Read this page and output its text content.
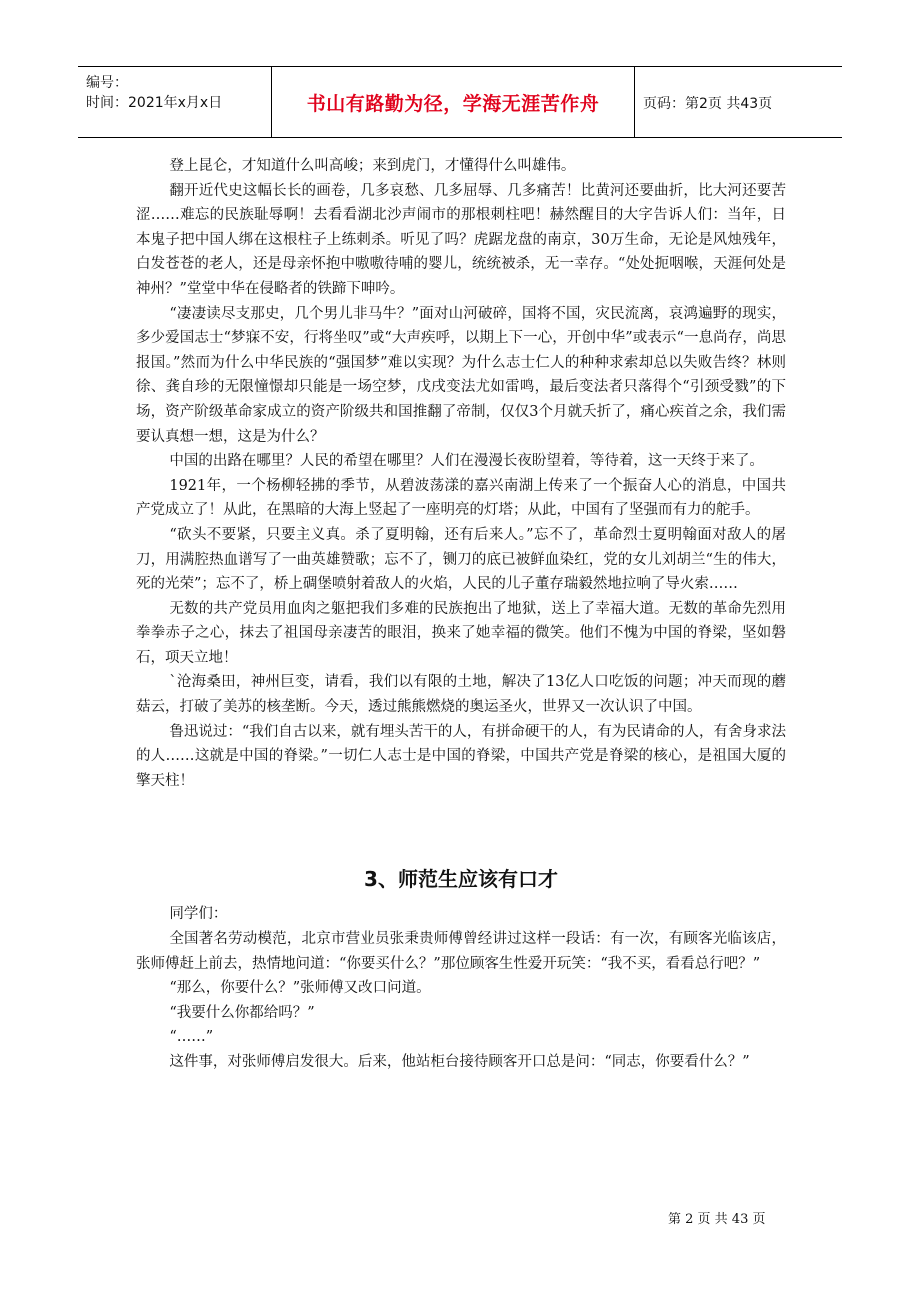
编号：
时间：2021年x月x日	书山有路勤为径，学海无涯苦作舟	页码：第2页 共43页

登上昆仑，才知道什么叫高峻；来到虎门，才懂得什么叫雄伟。

翻开近代史这幅长长的画卷，几多哀愁、几多屈辱、几多痛苦！比黄河还要曲折，比大河还要苦涩……难忘的民族耻辱啊！去看看湖北沙声闹市的那根刺柱吧！赫然醒目的大字告诉人们：当年，日本鬼子把中国人绑在这根柱子上练刺杀。听见了吗？虎踞龙盘的南京，30万生命，无论是风烛残年，白发苍苍的老人，还是母亲怀抱中嗷嗷待哺的婴儿，统统被杀，无一幸存。“处处扼咽喉，天涯何处是神州？”堂堂中华在侵略者的铁蹄下呻吟。

“凄凄读尽支那史，几个男儿非马牛？”面对山河破碎，国将不国，灾民流离，哀鸿遍野的现实，多少爱国志士“梦寐不安，行将坐叹”或“大声疾呼，以期上下一心，开创中华”或表示“一息尚存，尚思报国。”然而为什么中华民族的“强国梦”难以实现？为什么志士仁人的种种求索却总以失败告终？林则徐、龚自珍的无限憧憬却只能是一场空梦，戊戌变法尤如雷鸣，最后变法者只落得个“引颈受戮”的下场，资产阶级革命家成立的资产阶级共和国推翻了帝制，仅仅3个月就夭折了，痛心疾首之余，我们需要认真想一想，这是为什么？

中国的出路在哪里？人民的希望在哪里？人们在漫漫长夜盼望着，等待着，这一天终于来了。

1921年，一个杨柳轻拂的季节，从碧波荡漾的嘉兴南湖上传来了一个振奋人心的消息，中国共产党成立了！从此，在黑暗的大海上竖起了一座明亮的灯塔；从此，中国有了坚强而有力的舵手。

“砍头不要紧，只要主义真。杀了夏明翰，还有后来人。”忘不了，革命烈士夏明翰面对敌人的屠刀，用满腔热血谱写了一曲英雄赞歌；忘不了，铡刀的底已被鲜血染红，党的女儿刘胡兰“生的伟大，死的光荣”；忘不了，桥上碉堡喷射着敌人的火焰，人民的儿子董存瑞毅然地拉响了导火索……

无数的共产党员用血肉之躯把我们多难的民族抱出了地狱，送上了幸福大道。无数的革命先烈用拳拳赤子之心，抹去了祖国母亲凄苦的眼泪，换来了她幸福的微笑。他们不愧为中国的脊梁，坚如磐石，项天立地！

`沧海桑田，神州巨变，请看，我们以有限的土地，解决了13亿人口吃饭的问题；冲天而现的蘑菇云，打破了美苏的核垄断。今天，透过熊熊燃烧的奥运圣火，世界又一次认识了中国。

鲁迅说过：“我们自古以来，就有埋头苦干的人，有拼命硬干的人，有为民请命的人，有舍身求法的人……这就是中国的脊梁。”一切仁人志士是中国的脊梁，中国共产党是脊梁的核心，是祖国大厦的擎天柱！

3、师范生应该有口才

同学们：

全国著名劳动模范，北京市营业员张秉贵师傅曾经讲过这样一段话：有一次，有顾客光临该店，张师傅赶上前去，热情地问道：“你要买什么？”那位顾客生性爱开玩笑：“我不买，看看总行吧？”

“那么，你要什么？”张师傅又改口问道。

“我要什么你都给吗？”

“……”

这件事，对张师傅启发很大。后来，他站柜台接待顾客开口总是问：“同志，你要看什么？”

第 2 页 共 43 页
